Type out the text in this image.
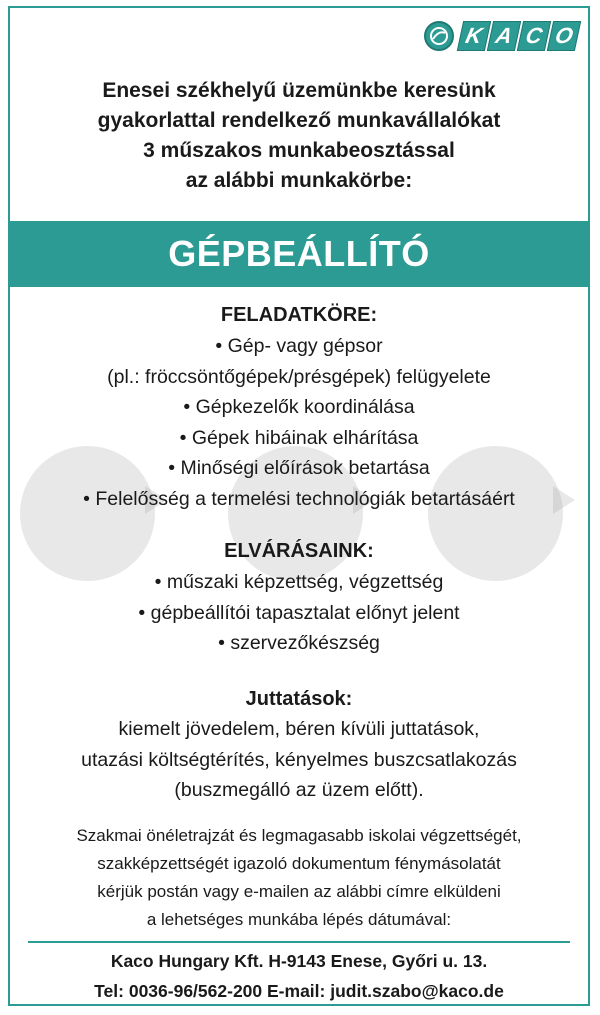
K A C O
Enesei székhelyű üzemünkbe keresünk
gyakorlattal rendelkező munkavállalókat
3 műszakos munkabeosztással
az alábbi munkakörbe:
GÉPBEÁLLÍTÓ
FELADATKÖRE:
• Gép- vagy gépsor
(pl.: fröccsöntőgépek/présgépek) felügyelete
• Gépkezelők koordinálása
• Gépek hibáinak elhárítása
• Minőségi előírások betartása
• Felelősség a termelési technológiák betartásáért
ELVÁRÁSAINK:
• műszaki képzettség, végzettség
• gépbeállítói tapasztalat előnyt jelent
• szervezőkészség
Juttatások:
kiemelt jövedelem, béren kívüli juttatások,
utazási költségtérítés, kényelmes buszcsatlakozás
(buszmegálló az üzem előtt).
Szakmai önéletrajzát és legmagasabb iskolai végzettségét,
szakképzettségét igazoló dokumentum fénymásolatát
kérjük postán vagy e-mailen az alábbi címre elküldeni
a lehetséges munkába lépés dátumával:
Kaco Hungary Kft. H-9143 Enese, Győri u. 13.
Tel: 0036-96/562-200 E-mail: judit.szabo@kaco.de
